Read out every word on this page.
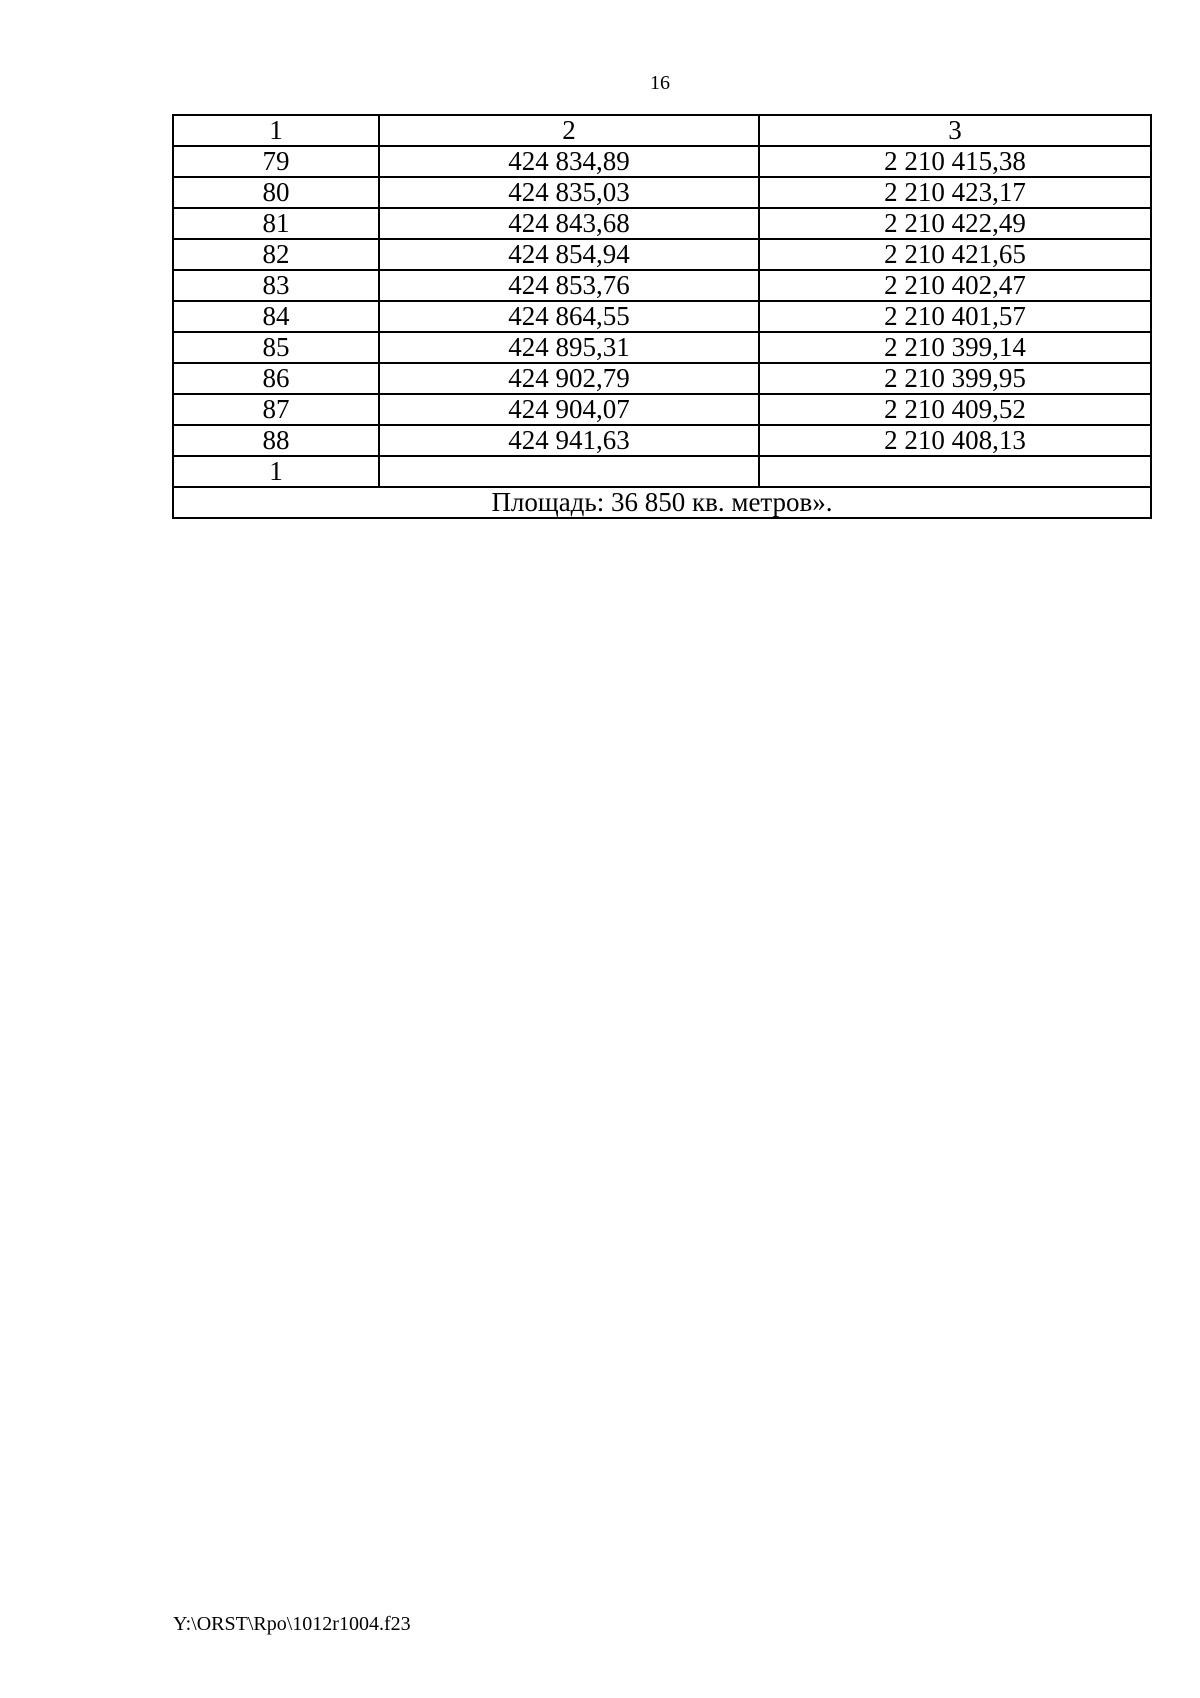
16
1	2	3
79	424 834,89	2 210 415,38
80	424 835,03	2 210 423,17
81	424 843,68	2 210 422,49
82	424 854,94	2 210 421,65
83	424 853,76	2 210 402,47
84	424 864,55	2 210 401,57
85	424 895,31	2 210 399,14
86	424 902,79	2 210 399,95
87	424 904,07	2 210 409,52
88	424 941,63	2 210 408,13
1		
Площадь: 36 850 кв. метров».		
Y:\ORST\Rpo\1012r1004.f23
